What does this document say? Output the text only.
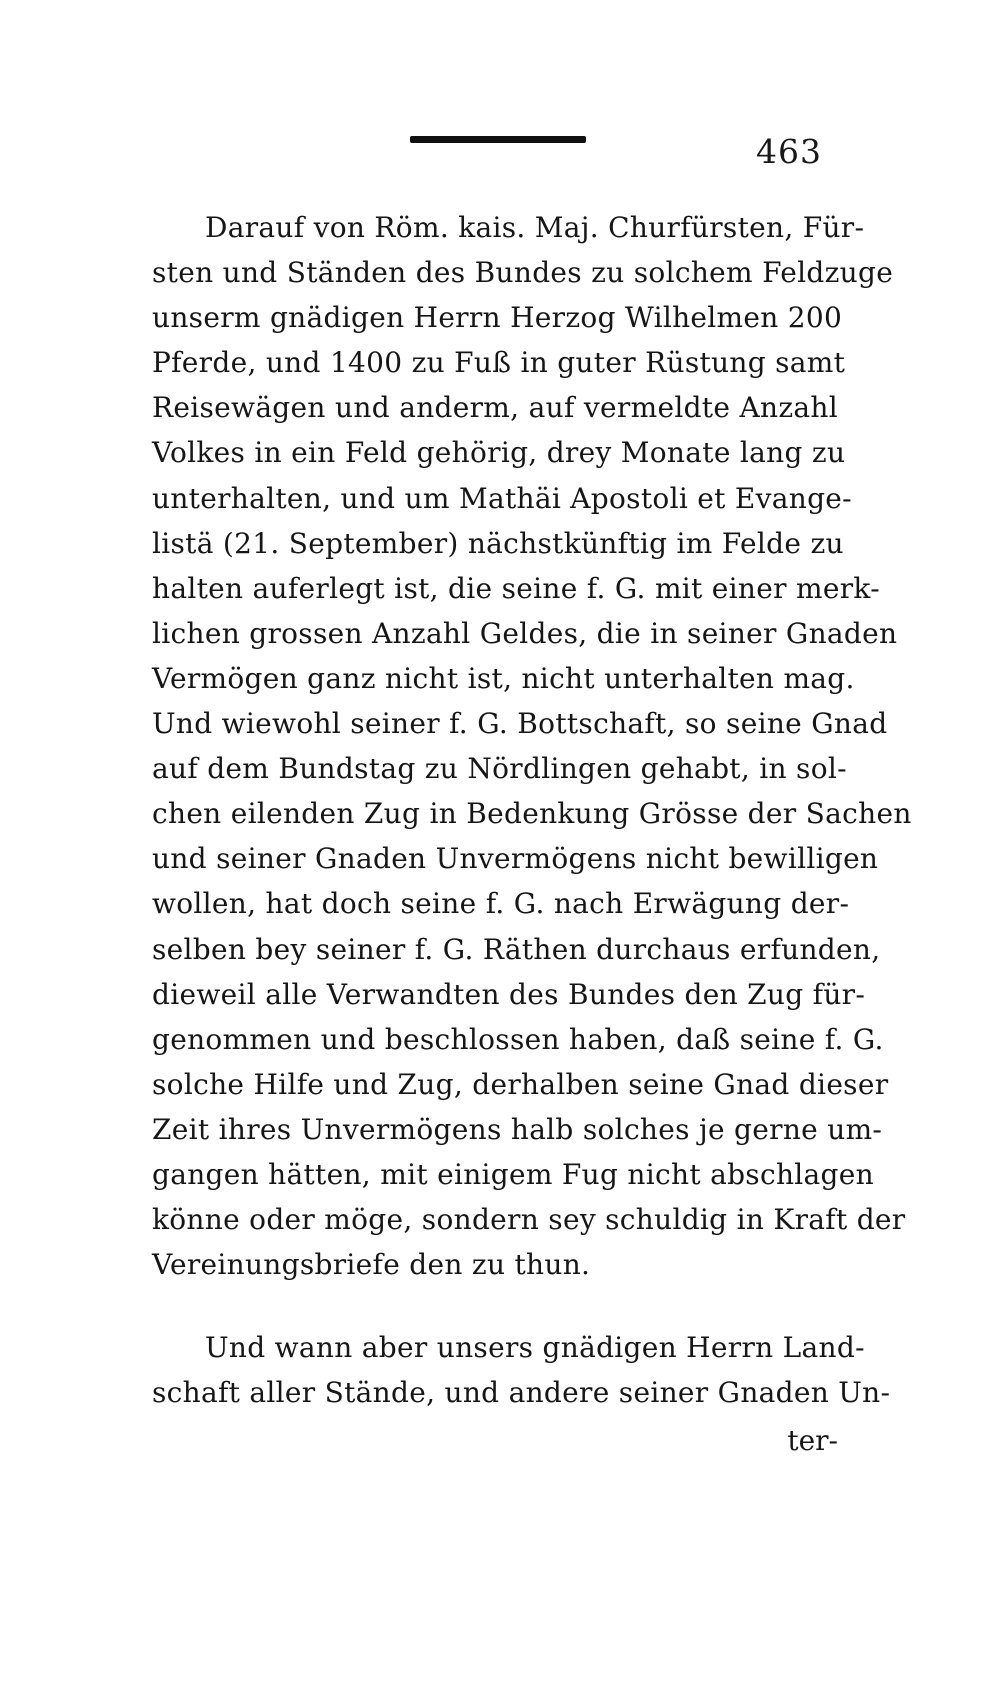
463
Darauf von Röm. kais. Maj. Churfürsten, Für-
sten und Ständen des Bundes zu solchem Feldzuge
unserm gnädigen Herrn Herzog Wilhelmen 200
Pferde, und 1400 zu Fuß in guter Rüstung samt
Reisewägen und anderm, auf vermeldte Anzahl
Volkes in ein Feld gehörig, drey Monate lang zu
unterhalten, und um Mathäi Apostoli et Evange-
listä (21. September) nächstkünftig im Felde zu
halten auferlegt ist, die seine f. G. mit einer merk-
lichen grossen Anzahl Geldes, die in seiner Gnaden
Vermögen ganz nicht ist, nicht unterhalten mag.
Und wiewohl seiner f. G. Bottschaft, so seine Gnad
auf dem Bundstag zu Nördlingen gehabt, in sol-
chen eilenden Zug in Bedenkung Grösse der Sachen
und seiner Gnaden Unvermögens nicht bewilligen
wollen, hat doch seine f. G. nach Erwägung der-
selben bey seiner f. G. Räthen durchaus erfunden,
dieweil alle Verwandten des Bundes den Zug für-
genommen und beschlossen haben, daß seine f. G.
solche Hilfe und Zug, derhalben seine Gnad dieser
Zeit ihres Unvermögens halb solches je gerne um-
gangen hätten, mit einigem Fug nicht abschlagen
könne oder möge, sondern sey schuldig in Kraft der
Vereinungsbriefe den zu thun.
Und wann aber unsers gnädigen Herrn Land-
schaft aller Stände, und andere seiner Gnaden Un-
ter-
